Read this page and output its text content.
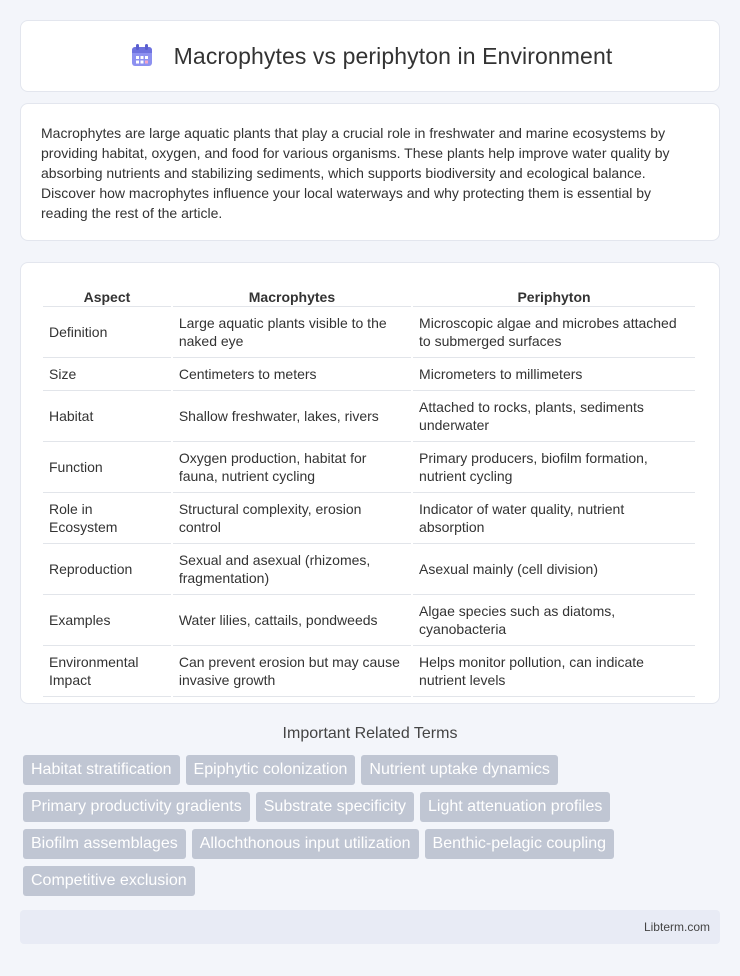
Macrophytes vs periphyton in Environment

Macrophytes are large aquatic plants that play a crucial role in freshwater and marine ecosystems by providing habitat, oxygen, and food for various organisms. These plants help improve water quality by absorbing nutrients and stabilizing sediments, which supports biodiversity and ecological balance. Discover how macrophytes influence your local waterways and why protecting them is essential by reading the rest of the article.

Aspect	Macrophytes	Periphyton
Definition	Large aquatic plants visible to the naked eye	Microscopic algae and microbes attached to submerged surfaces
Size	Centimeters to meters	Micrometers to millimeters
Habitat	Shallow freshwater, lakes, rivers	Attached to rocks, plants, sediments underwater
Function	Oxygen production, habitat for fauna, nutrient cycling	Primary producers, biofilm formation, nutrient cycling
Role in Ecosystem	Structural complexity, erosion control	Indicator of water quality, nutrient absorption
Reproduction	Sexual and asexual (rhizomes, fragmentation)	Asexual mainly (cell division)
Examples	Water lilies, cattails, pondweeds	Algae species such as diatoms, cyanobacteria
Environmental Impact	Can prevent erosion but may cause invasive growth	Helps monitor pollution, can indicate nutrient levels
Important Related Terms
Habitat stratification	Epiphytic colonization	Nutrient uptake dynamics
Primary productivity gradients	Substrate specificity	Light attenuation profiles
Biofilm assemblages	Allochthonous input utilization	Benthic-pelagic coupling
Competitive exclusion
Libterm.com
